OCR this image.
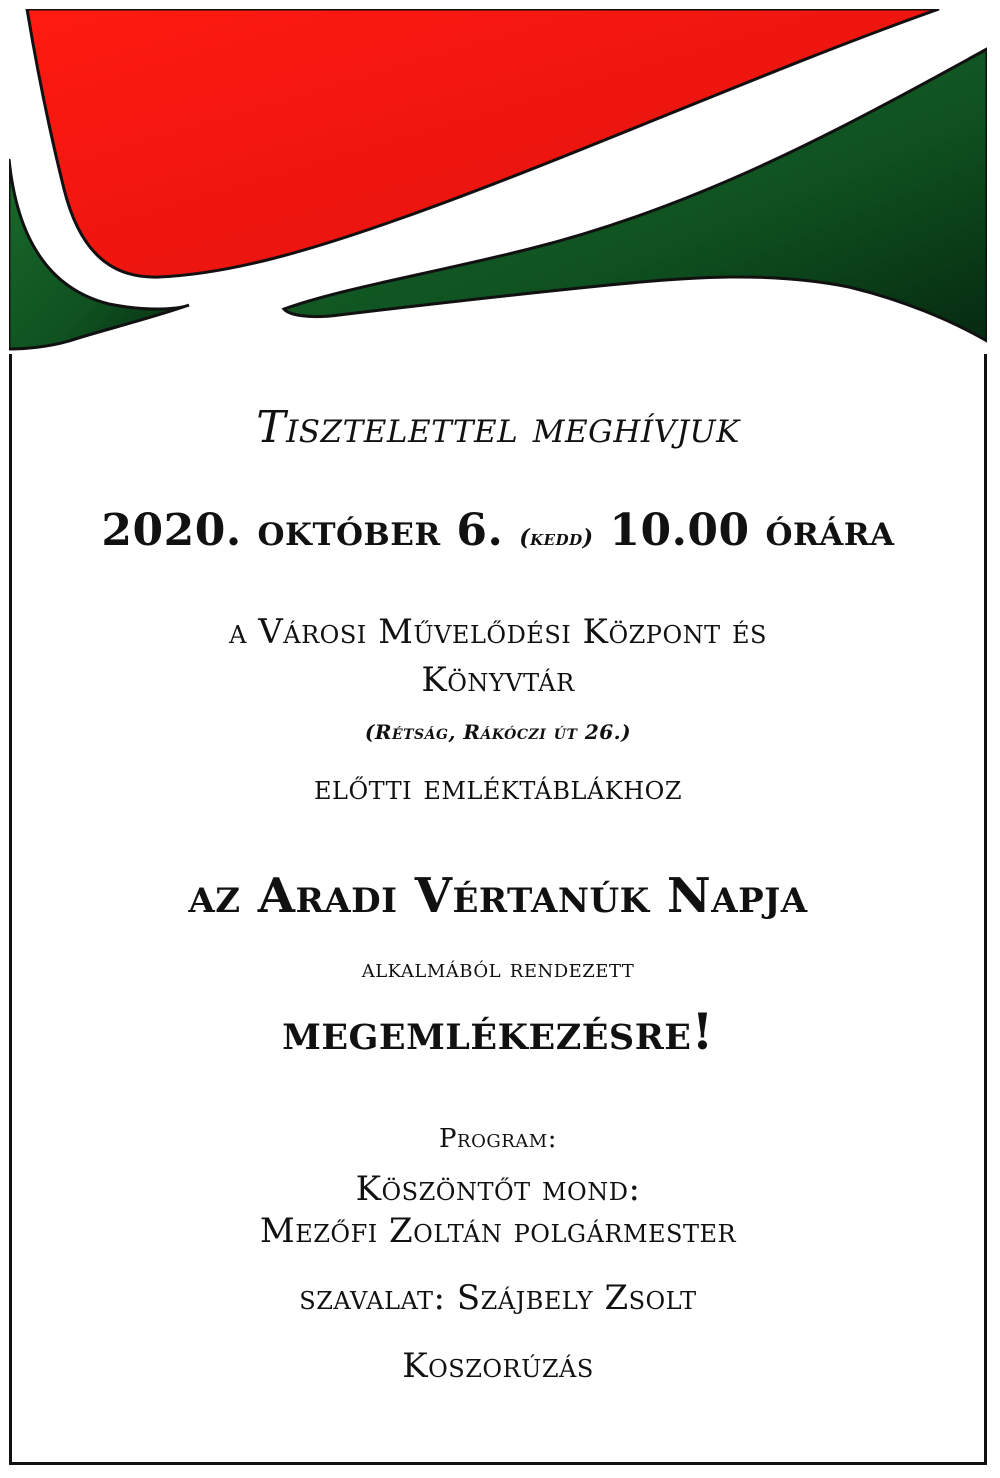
Tisztelettel meghívjuk

2020. október 6. (kedd) 10.00 órára

a Városi Művelődési Központ és
Könyvtár

(Rétság, Rákóczi út 26.)

előtti emléktáblákhoz

az Aradi Vértanúk Napja

alkalmából rendezett

megemlékezésre!

Program:

Köszöntőt mond:
Mezőfi Zoltán polgármester

szavalat: Szájbely Zsolt

Koszorúzás
